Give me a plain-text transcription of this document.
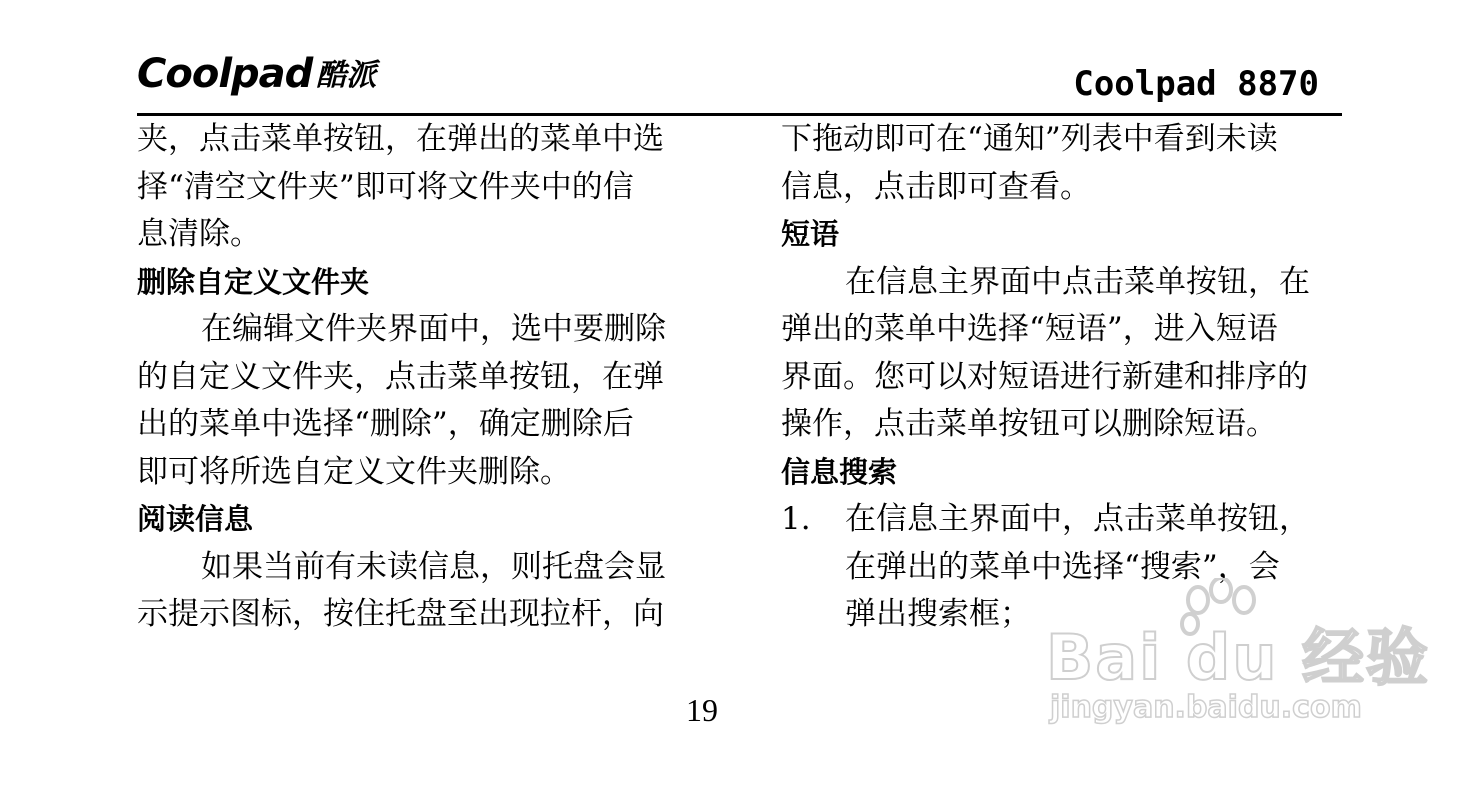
Coolpad 酷派	Coolpad 8870

夹，点击菜单按钮，在弹出的菜单中选

择“清空文件夹”即可将文件夹中的信

息清除。

删除自定义文件夹

在编辑文件夹界面中，选中要删除

的自定义文件夹，点击菜单按钮，在弹

出的菜单中选择“删除”，确定删除后

即可将所选自定义文件夹删除。

阅读信息

如果当前有未读信息，则托盘会显

示提示图标，按住托盘至出现拉杆，向

下拖动即可在“通知”列表中看到未读

信息，点击即可查看。

短语

在信息主界面中点击菜单按钮，在

弹出的菜单中选择“短语”，进入短语

界面。您可以对短语进行新建和排序的

操作，点击菜单按钮可以删除短语。

信息搜索
1.	在信息主界面中，点击菜单按钮，

在弹出的菜单中选择“搜索”，会

弹出搜索框；

19
Bai du 经验
jingyan.baidu.com
